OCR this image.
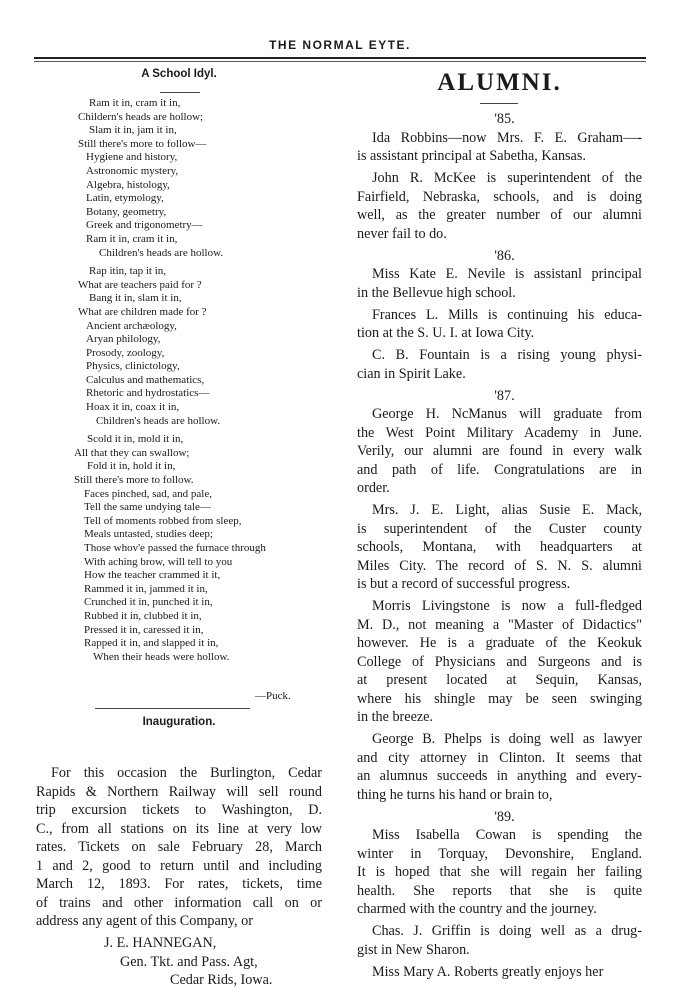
THE NORMAL EYTE.
A School Idyl.
Ram it in, cram it in,
Childern's heads are hollow;
Slam it in, jam it in,
Still there's more to follow—
Hygiene and history,
Astronomic mystery,
Algebra, histology,
Latin, etymology,
Botany, geometry,
Greek and trigonometry—
Ram it in, cram it in,
Children's heads are hollow.
Rap itin, tap it in,
What are teachers paid for ?
Bang it in, slam it in,
What are children made for ?
Ancient archæology,
Aryan philology,
Prosody, zoology,
Physics, clinictology,
Calculus and mathematics,
Rhetoric and hydrostatics—
Hoax it in, coax it in,
Children's heads are hollow.
Scold it in, mold it in,
All that they can swallow;
Fold it in, hold it in,
Still there's more to follow.
Faces pinched, sad, and pale,
Tell the same undying tale—
Tell of moments robbed from sleep,
Meals untasted, studies deep;
Those whov'e passed the furnace through
With aching brow, will tell to you
How the teacher crammed it it,
Rammed it in, jammed it in,
Crunched it in, punched it in,
Rubbed it in, clubbed it in,
Pressed it in, caressed it in,
Rapped it in, and slapped it in,
When their heads were hollow.
—Puck.
Inauguration.
For this occasion the Burlington, Cedar
Rapids & Northern Railway will sell round
trip excursion tickets to Washington, D.
C., from all stations on its line at very low
rates. Tickets on sale February 28, March
1 and 2, good to return until and including
March 12, 1893. For rates, tickets, time
of trains and other information call on or
address any agent of this Company, or
J. E. HANNEGAN,
Gen. Tkt. and Pass. Agt,
Cedar Rids, Iowa.
ALUMNI.
'85.
Ida Robbins—now Mrs. F. E. Graham—-
is assistant principal at Sabetha, Kansas.
John R. McKee is superintendent of the
Fairfield, Nebraska, schools, and is doing
well, as the greater number of our alumni
never fail to do.
'86.
Miss Kate E. Nevile is assistanl principal
in the Bellevue high school.
Frances L. Mills is continuing his educa-
tion at the S. U. I. at Iowa City.
C. B. Fountain is a rising young physi-
cian in Spirit Lake.
'87.
George H. NcManus will graduate from
the West Point Military Academy in June.
Verily, our alumni are found in every walk
and path of life. Congratulations are in
order.
Mrs. J. E. Light, alias Susie E. Mack,
is superintendent of the Custer county
schools, Montana, with headquarters at
Miles City. The record of S. N. S. alumni
is but a record of successful progress.
Morris Livingstone is now a full-fledged
M. D., not meaning a "Master of Didactics"
however. He is a graduate of the Keokuk
College of Physicians and Surgeons and is
at present located at Sequin, Kansas,
where his shingle may be seen swinging
in the breeze.
George B. Phelps is doing well as lawyer
and city attorney in Clinton. It seems that
an alumnus succeeds in anything and every-
thing he turns his hand or brain to,
'89.
Miss Isabella Cowan is spending the
winter in Torquay, Devonshire, England.
It is hoped that she will regain her failing
health. She reports that she is quite
charmed with the country and the journey.
Chas. J. Griffin is doing well as a drug-
gist in New Sharon.
Miss Mary A. Roberts greatly enjoys her
